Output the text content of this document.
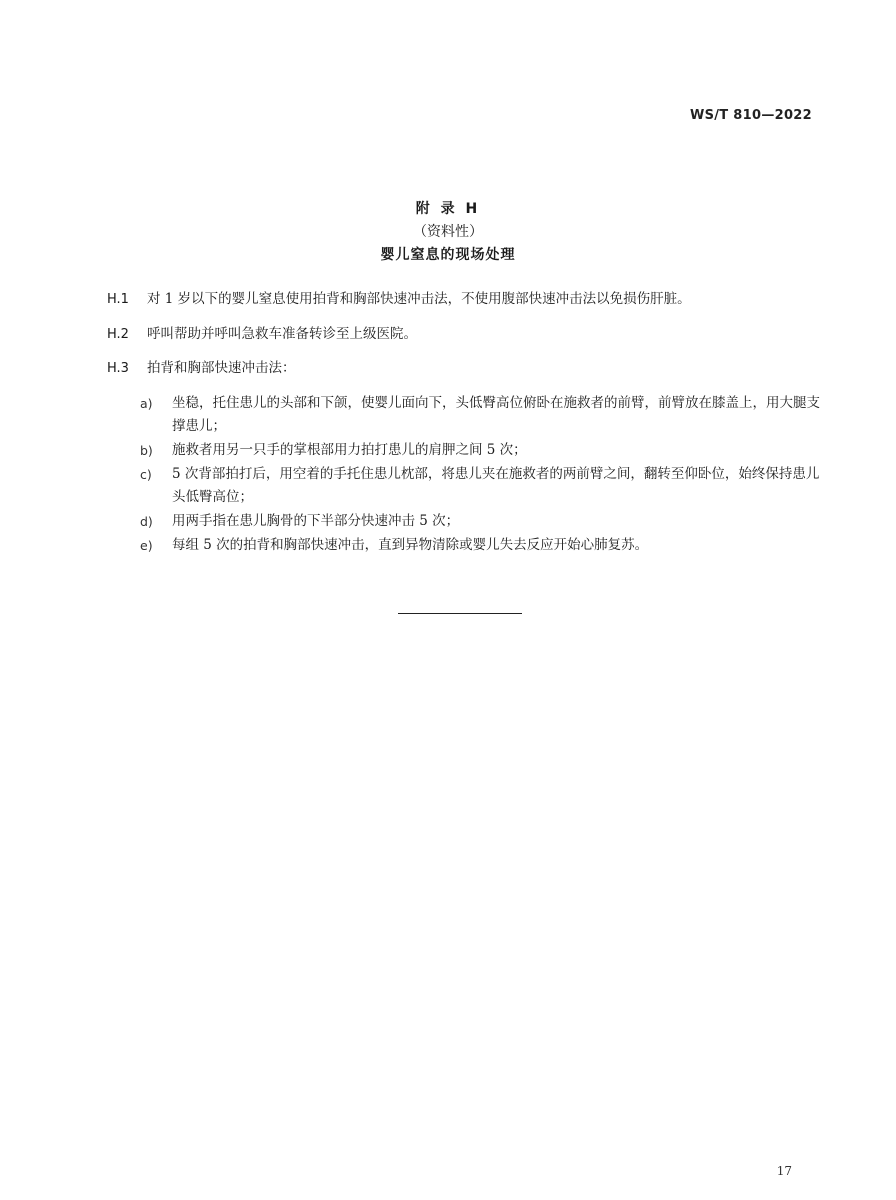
WS/T 810—2022
附 录 H
（资料性）
婴儿窒息的现场处理
H.1 对 1 岁以下的婴儿窒息使用拍背和胸部快速冲击法，不使用腹部快速冲击法以免损伤肝脏。
H.2 呼叫帮助并呼叫急救车准备转诊至上级医院。
H.3 拍背和胸部快速冲击法：
a) 坐稳，托住患儿的头部和下颌，使婴儿面向下，头低臀高位俯卧在施救者的前臂，前臂放在膝盖上，用大腿支撑患儿；
b) 施救者用另一只手的掌根部用力拍打患儿的肩胛之间 5 次；
c) 5 次背部拍打后，用空着的手托住患儿枕部，将患儿夹在施救者的两前臂之间，翻转至仰卧位，始终保持患儿头低臀高位；
d) 用两手指在患儿胸骨的下半部分快速冲击 5 次；
e) 每组 5 次的拍背和胸部快速冲击，直到异物清除或婴儿失去反应开始心肺复苏。
17
